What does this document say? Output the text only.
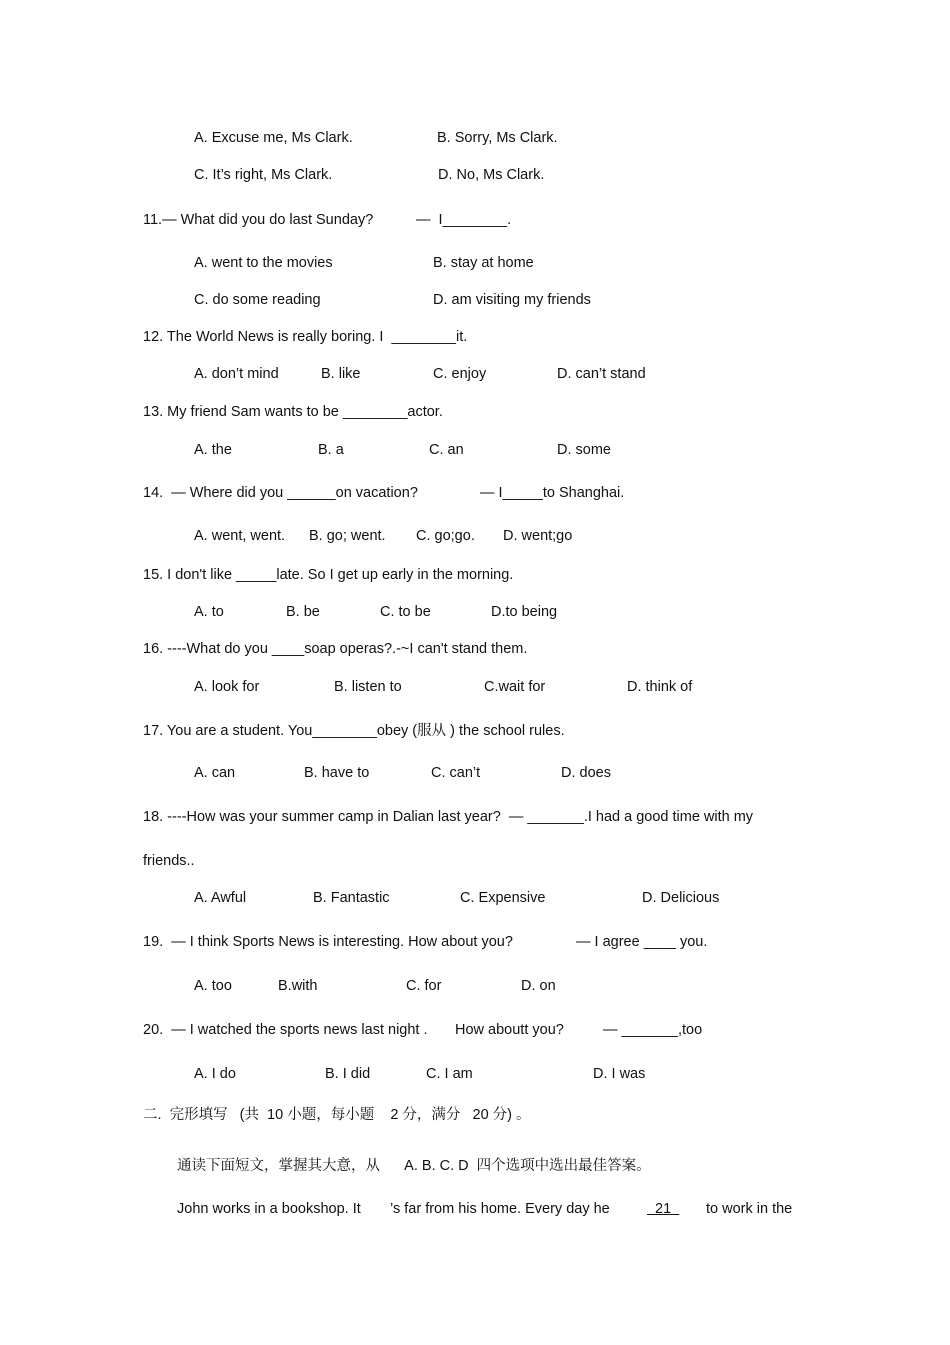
A. Excuse me, Ms Clark.	B. Sorry, Ms Clark.
C. It’s right, Ms Clark.	D. No, Ms Clark.
11.— What did you do last Sunday?	—  I________.
A. went to the movies	B. stay at home
C. do some reading	D. am visiting my friends
12. The World News is really boring. I  ________it.
A. don’t mind	B. like	C. enjoy	D. can’t stand
13. My friend Sam wants to be ________actor.
A. the	B. a	C. an	D. some
14.  — Where did you ______on vacation?	— I_____to Shanghai.
A. went, went. B. go; went. C. go;go. D. went;go
15. I don't like _____late. So I get up early in the morning.
A. to	B. be	C. to be	D.to being
16. ----What do you ____soap operas?.-~I can't stand them.
A. look for	B. listen to	C.wait for	D. think of
17. You are a student. You________obey (服从 ) the school rules.
A. can	B. have to	C. can’t	D. does
18. ----How was your summer camp in Dalian last year?  — _______.I had a good time with my
friends..
A. Awful	B. Fantastic	C. Expensive	D. Delicious
19.  — I think Sports News is interesting. How about you?	— I agree ____ you.
A. too	B.with	C. for	D. on
20.  — I watched the sports news last night . How aboutt you?	— _______,too
A. I do	B. I did	C. I am	D. I was
二.  完形填写   (共  10 小题，每小题    2 分，满分   20 分) 。
通读下面短文，掌握其大意，从      A. B. C. D  四个选项中选出最佳答案。
John works in a bookshop. It ’s far from his home. Every day he	21 to work in the
